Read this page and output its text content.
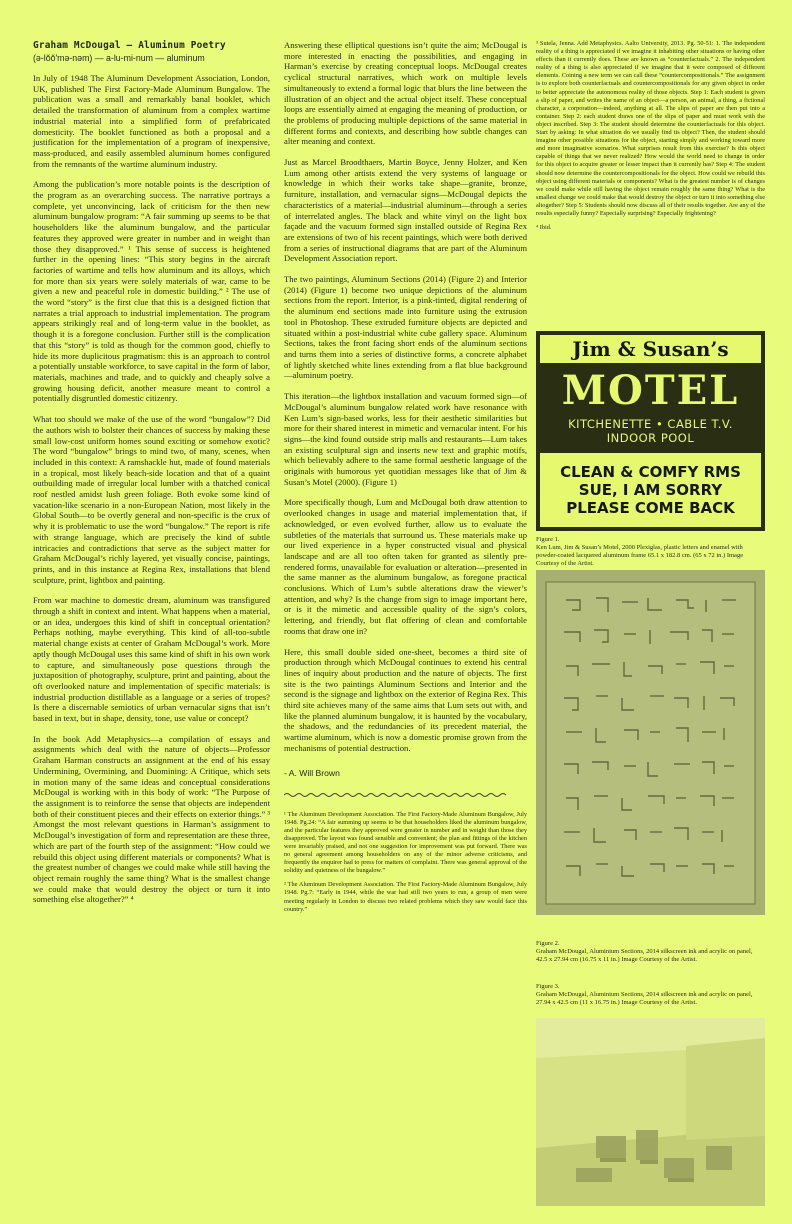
Graham McDougal – Aluminum Poetry
(ə-lŏŏ′mə-nəm) — a-lu-mi-num — aluminum

In July of 1948 The Aluminum Development Association, London, UK, published The First Factory-Made Aluminum Bungalow. The publication was a small and remarkably banal booklet, which detailed the transformation of aluminum from a complex wartime industrial material into a simplified form of prefabricated domesticity. The booklet functioned as both a proposal and a justification for the implementation of a program of inexpensive, mass-produced, and easily assembled aluminum homes configured from the remnants of the wartime aluminum industry.

Among the publication’s more notable points is the description of the program as an overarching success. The narrative portrays a complete, yet unconvincing, lack of criticism for the then new aluminum bungalow program: “A fair summing up seems to be that householders like the aluminum bungalow, and the particular features they approved were greater in number and in weight than those they disapproved.” ¹ This sense of success is heightened further in the opening lines: “This story begins in the aircraft factories of wartime and tells how aluminum and its alloys, which for more than six years were solely materials of war, came to be given a new and peaceful role in domestic building.” ² The use of the word “story” is the first clue that this is a designed fiction that narrates a trial approach to industrial implementation. The program appears strikingly real and of long-term value in the booklet, as though it is a foregone conclusion. Further still is the complication that this “story” is told as though for the common good, chiefly to hide its more duplicitous pragmatism: this is an approach to control a potentially unstable workforce, to save capital in the form of labor, materials, machines and trade, and to quickly and cheaply solve a growing housing deficit, another measure meant to control a potentially disgruntled domestic citizenry.

What too should we make of the use of the word “bungalow”? Did the authors wish to bolster their chances of success by making these small low-cost uniform homes sound exciting or somehow exotic? The word “bungalow” brings to mind two, of many, scenes, when included in this context: A ramshackle hut, made of found materials in a tropical, most likely beach-side location and that of a quaint outbuilding made of irregular local lumber with a thatched conical roof nestled amidst lush green foliage. Both evoke some kind of vacation-like scenario in a non-European Nation, most likely in the Global South—to be overtly general and non-specific is the crux of why it is problematic to use the word “bungalow.” The report is rife with strange language, which are precisely the kind of subtle intricacies and contradictions that serve as the subject matter for Graham McDougal’s richly layered, yet visually concise, paintings, prints, and in this instance at Regina Rex, installations that blend sculpture, print, lightbox and painting.

From war machine to domestic dream, aluminum was transfigured through a shift in context and intent. What happens when a material, or an idea, undergoes this kind of shift in conceptual orientation? Perhaps nothing, maybe everything. This kind of all-too-subtle material change exists at center of Graham McDougal’s work. More aptly though McDougal uses this same kind of shift in his own work to capture, and simultaneously pose questions through the juxtaposition of photography, sculpture, print and painting, about the oft overlooked nature and implementation of specific materials: is industrial production distillable as a language or a series of tropes? Is there a discernable semiotics of urban vernacular signs that isn’t based in text, but in shape, density, tone, use value or concept?

In the book Add Metaphysics—a compilation of essays and assignments which deal with the nature of objects—Professor Graham Harman constructs an assignment at the end of his essay Undermining, Overmining, and Duomining: A Critique, which sets in motion many of the same ideas and conceptual considerations McDougal is working with in this body of work: “The Purpose of the assignment is to reinforce the sense that objects are independent both of their constituent pieces and their effects on exterior things.” ³ Amongst the most relevant questions in Harman’s assignment to McDougal’s investigation of form and representation are these three, which are part of the fourth step of the assignment: “How could we rebuild this object using different materials or components? What is the greatest number of changes we could make while still having the object remain roughly the same thing? What is the smallest change we could make that would destroy the object or turn it into something else altogether?” ⁴

Answering these elliptical questions isn’t quite the aim; McDougal is more interested in enacting the possibilities, and engaging in Harman’s exercise by creating conceptual loops. McDougal creates cyclical structural narratives, which work on multiple levels simultaneously to extend a formal logic that blurs the line between the illustration of an object and the actual object itself. These conceptual loops are essentially aimed at engaging the meaning of production, or the problems of producing multiple depictions of the same material in different forms and contexts, and describing how subtle changes can alter meaning and context.

Just as Marcel Broodthaers, Martin Boyce, Jenny Holzer, and Ken Lum among other artists extend the very systems of language or knowledge in which their works take shape—granite, bronze, furniture, installation, and vernacular signs—McDougal depicts the characteristics of a material—industrial aluminum—through a series of interrelated angles. The black and white vinyl on the light box façade and the vacuum formed sign installed outside of Regina Rex are extensions of two of his recent paintings, which were both derived from a series of instructional diagrams that are part of the Aluminum Development Association report.

The two paintings, Aluminum Sections (2014) (Figure 2) and Interior (2014) (Figure 1) become two unique depictions of the aluminum sections from the report. Interior, is a pink-tinted, digital rendering of the aluminum end sections made into furniture using the extrusion tool in Photoshop. These extruded furniture objects are depicted and situated within a post-industrial white cube gallery space. Aluminum Sections, takes the front facing short ends of the aluminum sections and turns them into a series of distinctive forms, a concrete alphabet of lightly sketched white lines extending from a flat blue background—aluminum poetry.

This iteration—the lightbox installation and vacuum formed sign—of McDougal’s aluminum bungalow related work have resonance with Ken Lum’s sign-based works, less for their aesthetic similarities but more for their shared interest in mimetic and vernacular intent. For his signs—the kind found outside strip malls and restaurants—Lum takes an existing sculptural sign and inserts new text and graphic motifs, which believably adhere to the same formal aesthetic language of the originals with humorous yet quotidian messages like that of Jim & Susan’s Motel (2000). (Figure 1)

More specifically though, Lum and McDougal both draw attention to overlooked changes in usage and material implementation that, if acknowledged, or even evolved further, allow us to evaluate the subtleties of the materials that surround us. These materials make up our lived experience in a hyper constructed visual and physical landscape and are all too often taken for granted as silently pre-rendered forms, unavailable for evaluation or alteration—presented in the same manner as the aluminum bungalow, as foregone practical conclusions. Which of Lum’s subtle alterations draw the viewer’s attention, and why? Is the change from sign to image important here, or is it the mimetic and accessible quality of the sign’s colors, lettering, and friendly, but flat offering of clean and comfortable rooms that draw one in?

Here, this small double sided one-sheet, becomes a third site of production through which McDougal continues to extend his central lines of inquiry about production and the nature of objects. The first site is the two paintings Aluminum Sections and Interior and the second is the signage and lightbox on the exterior of Regina Rex. This third site achieves many of the same aims that Lum sets out with, and like the planned aluminum bungalow, it is haunted by the vocabulary, the shadows, and the redundancies of its precedent material, the wartime aluminum, which is now a domestic promise grown from the mechanisms of potential destruction.

- A. Will Brown

¹ The Aluminum Development Association. The First Factory-Made Aluminum Bungalow, July 1948. Pg.24: “A fair summing up seems to be that householders liked the aluminum bungalow, and the particular features they approved were greater in number and in weight than those they disapproved. The layout was found sensible and convenient; the plan and fittings of the kitchen were invariably praised, and not one suggestion for improvement was put forward. There was no general agreement among householders on any of the minor adverse criticisms, and frequently the enquirer had to press for matters of complaint. There was general approval of the solidity and quietness of the bungalow.”

² The Aluminum Development Association. The First Factory-Made Aluminum Bungalow, July 1948. Pg.7: “Early in 1944, while the war had still two years to run, a group of men were meeting regularly in London to discuss two related problems which they saw would face this country.”

³ Sutela, Jenna. Add Metaphysics. Aalto University, 2013. Pg. 50-51: 1. The independent reality of a thing is appreciated if we imagine it inhabiting other situations or having other effects than it currently does. These are known as “counterfactuals.” 2. The independent reality of a thing is also appreciated if we imagine that it were composed of different elements. Coining a new term we can call these “countercompositionals.” The assignment is to explore both counterfactuals and countercompositionals for any given object in order to better appreciate the autonomous reality of those objects. Step 1: Each student is given a slip of paper, and writes the name of an object—a person, an animal, a thing, a fictional character, a corporation—indeed, anything at all. The slips of paper are then put into a container. Step 2: each student draws one of the slips of paper and must work with the object inscribed. Step 3: The student should determine the counterfactuals for this object. Start by asking: In what situation do we usually find tis object? Then, the student should imagine other possible situations for the object, starting simply and working toward more and more imaginative scenarios. What surprises result from this exercise? Is this object capable of things that we never realized? How would the world need to change in order for this object to acquire greater or lesser impact than it currently has? Step 4: The student should now determine the countercompositionals for the object. How could we rebuild this object using different materials or components? What is the greatest number is of changes we could make while still having the object remain roughly the same thing? What is the smallest change we could make that would destroy the object or turn it into something else altogether? Step 5: Students should now discuss all of their results together. Are any of the results especially funny? Especially surprising? Especially frightening?

⁴ Ibid.

Jim & Susan’s
MOTEL
KITCHENETTE • CABLE T.V.
INDOOR POOL
CLEAN & COMFY RMS
SUE, I AM SORRY
PLEASE COME BACK

Figure 1.

Ken Lum, Jim & Susan’s Motel, 2000 Plexiglas, plastic letters and enamel with powder-coated lacquered aluminum frame 65.1 x 182.8 cm. (65 x 72 in.) Image Courtesy of the Artist.

Figure 2.

Graham McDougal, Aluminium Sections, 2014 silkscreen ink and acrylic on panel, 42.5 x 27.94 cm (16.75 x 11 in.) Image Courtesy of the Artist.

Figure 3.

Graham McDougal, Aluminium Sections, 2014 silkscreen ink and acrylic on panel, 27.94 x 42.5 cm (11 x 16.75 in.) Image Courtesy of the Artist.
